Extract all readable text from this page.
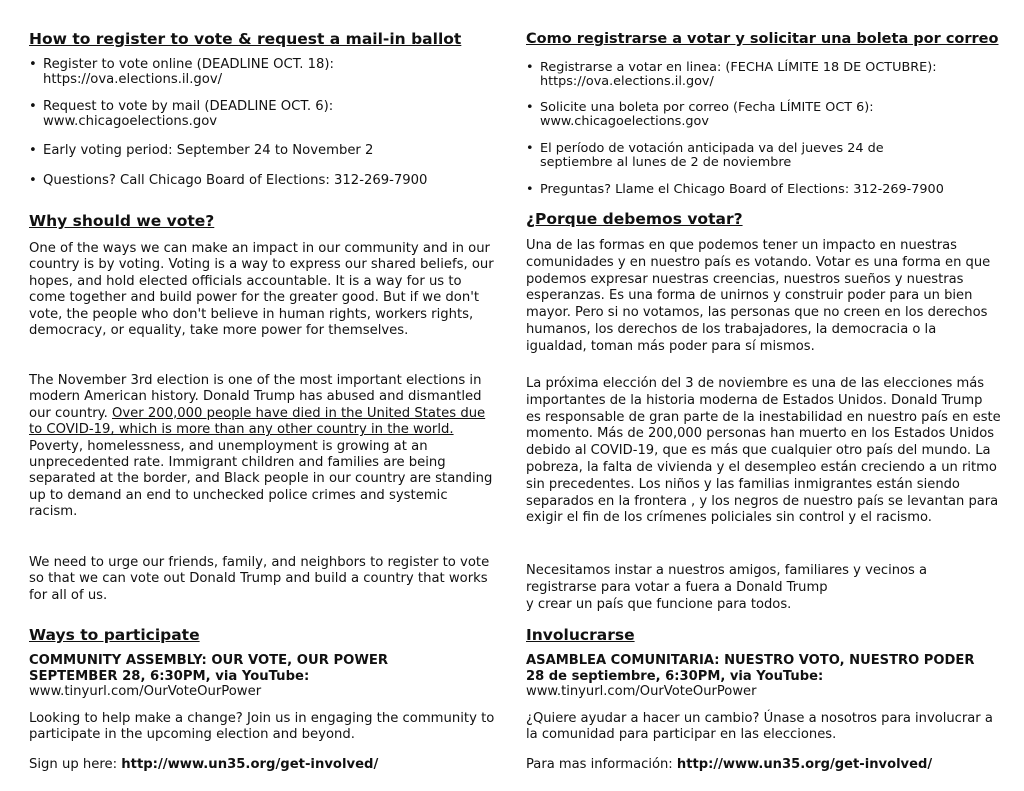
How to register to vote & request a mail-in ballot
• Register to vote online (DEADLINE OCT. 18):
https://ova.elections.il.gov/
• Request to vote by mail (DEADLINE OCT. 6):
www.chicagoelections.gov
• Early voting period: September 24 to November 2
• Questions? Call Chicago Board of Elections: 312-269-7900
Why should we vote?
One of the ways we can make an impact in our community and in our country is by voting. Voting is a way to express our shared beliefs, our hopes, and hold elected officials accountable. It is a way for us to come together and build power for the greater good. But if we don't vote, the people who don't believe in human rights, workers rights, democracy, or equality, take more power for themselves.
The November 3rd election is one of the most important elections in modern American history. Donald Trump has abused and dismantled our country. Over 200,000 people have died in the United States due to COVID-19, which is more than any other country in the world. Poverty, homelessness, and unemployment is growing at an unprecedented rate. Immigrant children and families are being separated at the border, and Black people in our country are standing up to demand an end to unchecked police crimes and systemic racism.
We need to urge our friends, family, and neighbors to register to vote so that we can vote out Donald Trump and build a country that works for all of us.
Ways to participate
COMMUNITY ASSEMBLY: OUR VOTE, OUR POWER
SEPTEMBER 28, 6:30PM, via YouTube:
www.tinyurl.com/OurVoteOurPower
Looking to help make a change? Join us in engaging the community to participate in the upcoming election and beyond.
Sign up here: http://www.un35.org/get-involved/
Como registrarse a votar y solicitar una boleta por correo
• Registrarse a votar en linea: (FECHA LÍMITE 18 DE OCTUBRE):
https://ova.elections.il.gov/
• Solicite una boleta por correo (Fecha LÍMITE OCT 6):
www.chicagoelections.gov
• El período de votación anticipada va del jueves 24 de
septiembre al lunes de 2 de noviembre
• Preguntas? Llame el Chicago Board of Elections: 312-269-7900
¿Porque debemos votar?
Una de las formas en que podemos tener un impacto en nuestras comunidades y en nuestro país es votando. Votar es una forma en que podemos expresar nuestras creencias, nuestros sueños y nuestras esperanzas. Es una forma de unirnos y construir poder para un bien mayor. Pero si no votamos, las personas que no creen en los derechos humanos, los derechos de los trabajadores, la democracia o la igualdad, toman más poder para sí mismos.
La próxima elección del 3 de noviembre es una de las elecciones más importantes de la historia moderna de Estados Unidos. Donald Trump es responsable de gran parte de la inestabilidad en nuestro país en este momento. Más de 200,000 personas han muerto en los Estados Unidos debido al COVID-19, que es más que cualquier otro país del mundo. La pobreza, la falta de vivienda y el desempleo están creciendo a un ritmo sin precedentes. Los niños y las familias inmigrantes están siendo separados en la frontera , y los negros de nuestro país se levantan para exigir el fin de los crímenes policiales sin control y el racismo.
Necesitamos instar a nuestros amigos, familiares y vecinos a
registrarse para votar a fuera a Donald Trump
y crear un país que funcione para todos.
Involucrarse
ASAMBLEA COMUNITARIA: NUESTRO VOTO, NUESTRO PODER
28 de septiembre, 6:30PM, via YouTube:
www.tinyurl.com/OurVoteOurPower
¿Quiere ayudar a hacer un cambio? Únase a nosotros para involucrar a la comunidad para participar en las elecciones.
Para mas información: http://www.un35.org/get-involved/
